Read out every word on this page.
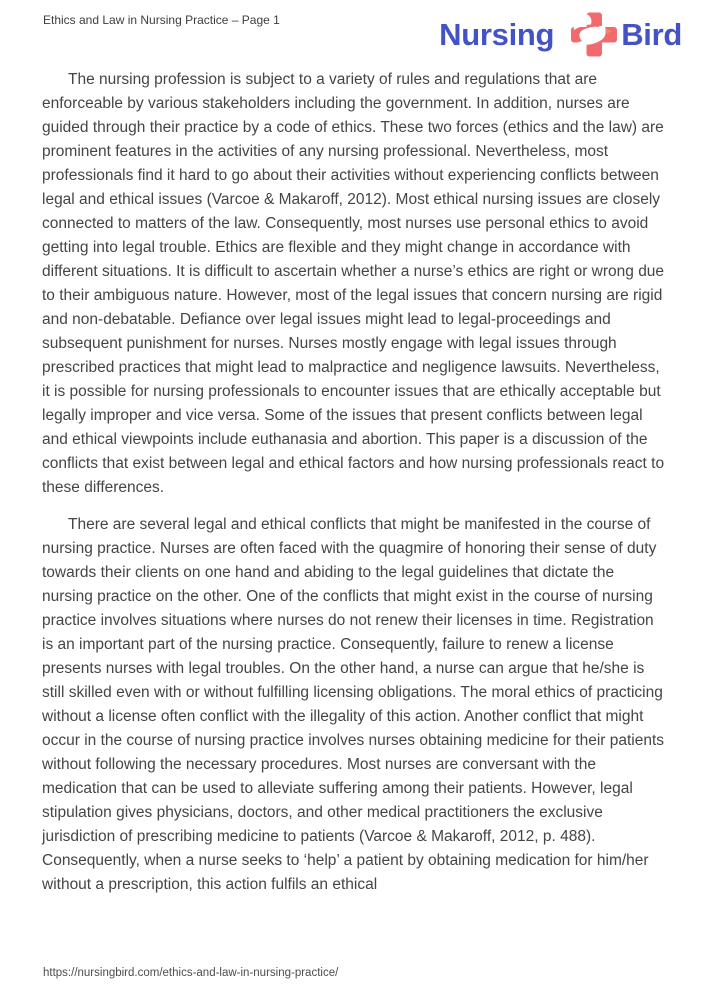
Ethics and Law in Nursing Practice – Page 1	Nursing Bird

The nursing profession is subject to a variety of rules and regulations that are enforceable by various stakeholders including the government. In addition, nurses are guided through their practice by a code of ethics. These two forces (ethics and the law) are prominent features in the activities of any nursing professional. Nevertheless, most professionals find it hard to go about their activities without experiencing conflicts between legal and ethical issues (Varcoe & Makaroff, 2012). Most ethical nursing issues are closely connected to matters of the law. Consequently, most nurses use personal ethics to avoid getting into legal trouble. Ethics are flexible and they might change in accordance with different situations. It is difficult to ascertain whether a nurse’s ethics are right or wrong due to their ambiguous nature. However, most of the legal issues that concern nursing are rigid and non-debatable. Defiance over legal issues might lead to legal-proceedings and subsequent punishment for nurses. Nurses mostly engage with legal issues through prescribed practices that might lead to malpractice and negligence lawsuits. Nevertheless, it is possible for nursing professionals to encounter issues that are ethically acceptable but legally improper and vice versa. Some of the issues that present conflicts between legal and ethical viewpoints include euthanasia and abortion. This paper is a discussion of the conflicts that exist between legal and ethical factors and how nursing professionals react to these differences.

There are several legal and ethical conflicts that might be manifested in the course of nursing practice. Nurses are often faced with the quagmire of honoring their sense of duty towards their clients on one hand and abiding to the legal guidelines that dictate the nursing practice on the other. One of the conflicts that might exist in the course of nursing practice involves situations where nurses do not renew their licenses in time. Registration is an important part of the nursing practice. Consequently, failure to renew a license presents nurses with legal troubles. On the other hand, a nurse can argue that he/she is still skilled even with or without fulfilling licensing obligations. The moral ethics of practicing without a license often conflict with the illegality of this action. Another conflict that might occur in the course of nursing practice involves nurses obtaining medicine for their patients without following the necessary procedures. Most nurses are conversant with the medication that can be used to alleviate suffering among their patients. However, legal stipulation gives physicians, doctors, and other medical practitioners the exclusive jurisdiction of prescribing medicine to patients (Varcoe & Makaroff, 2012, p. 488). Consequently, when a nurse seeks to ‘help’ a patient by obtaining medication for him/her without a prescription, this action fulfils an ethical

https://nursingbird.com/ethics-and-law-in-nursing-practice/
